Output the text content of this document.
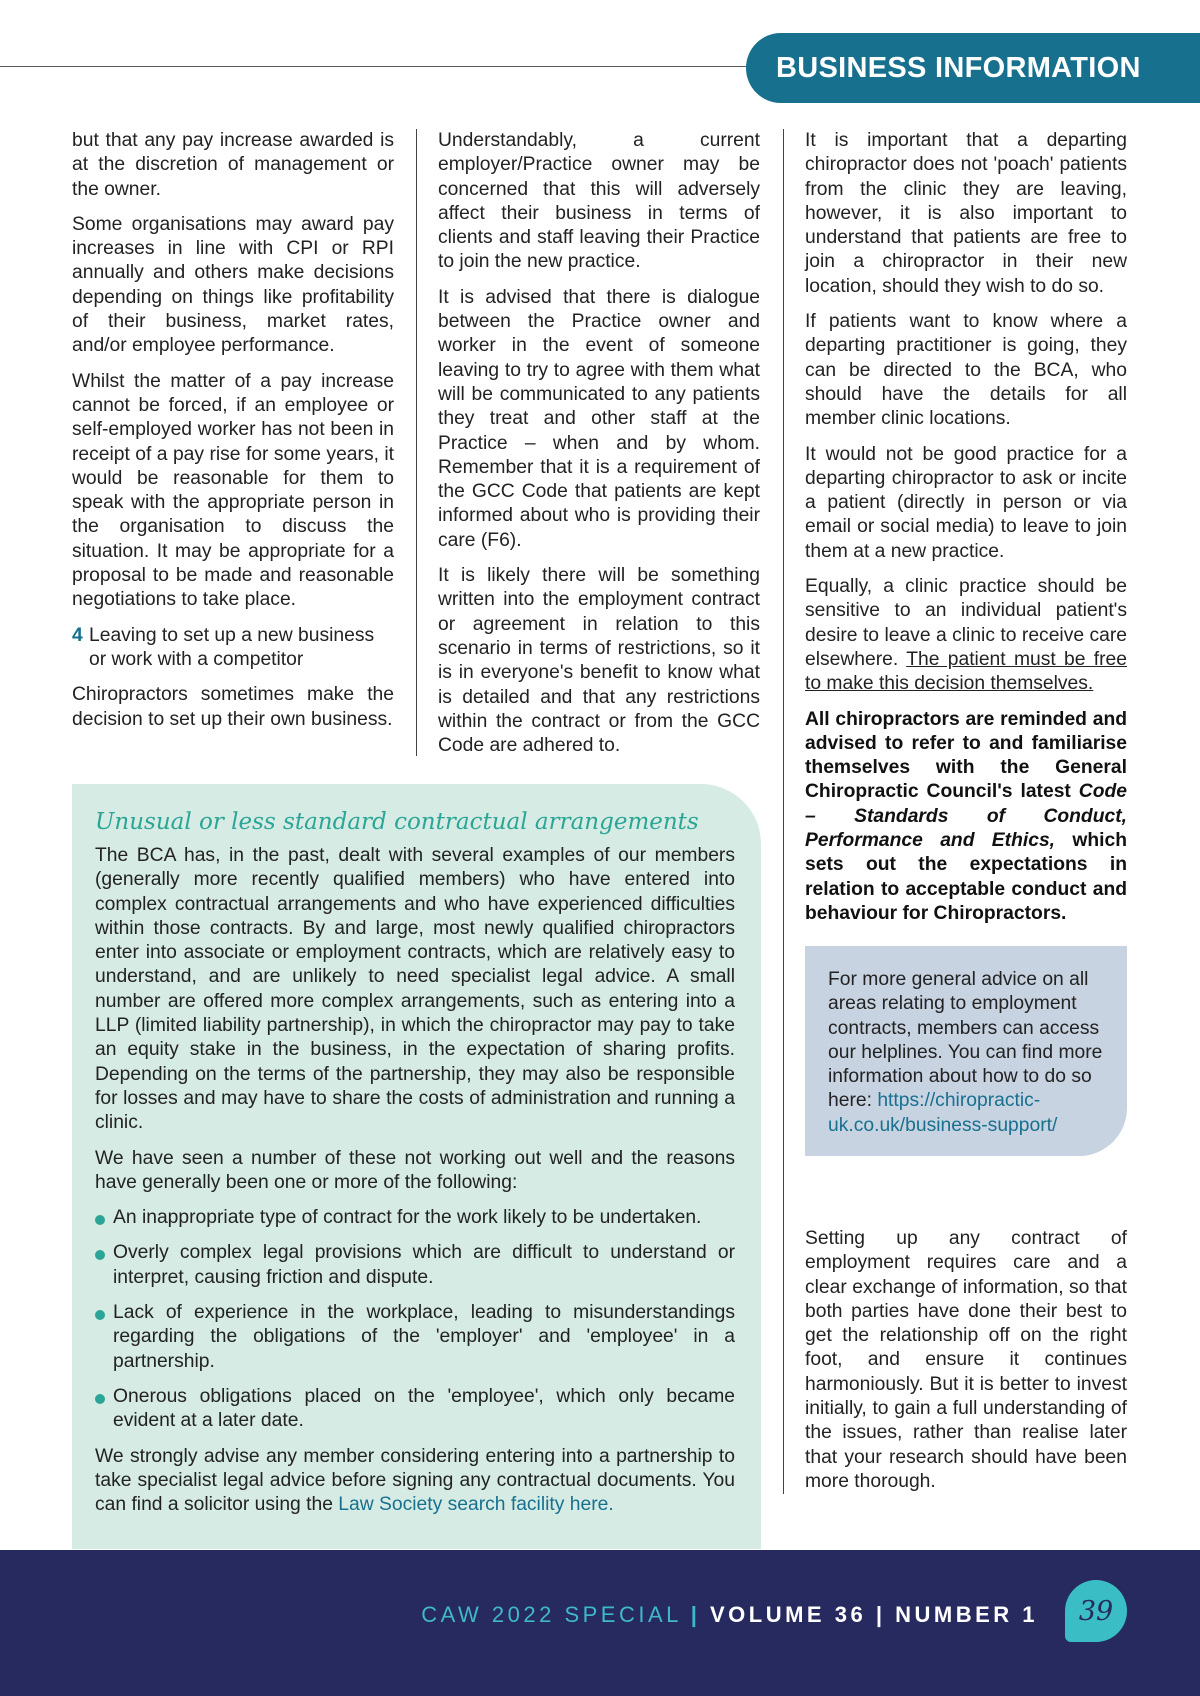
BUSINESS INFORMATION

but that any pay increase awarded is at the discretion of management or the owner.

Some organisations may award pay increases in line with CPI or RPI annually and others make decisions depending on things like profitability of their business, market rates, and/or employee performance.

Whilst the matter of a pay increase cannot be forced, if an employee or self-employed worker has not been in receipt of a pay rise for some years, it would be reasonable for them to speak with the appropriate person in the organisation to discuss the situation. It may be appropriate for a proposal to be made and reasonable negotiations to take place.

4 Leaving to set up a new business or work with a competitor

Chiropractors sometimes make the decision to set up their own business.

Understandably, a current employer/Practice owner may be concerned that this will adversely affect their business in terms of clients and staff leaving their Practice to join the new practice.

It is advised that there is dialogue between the Practice owner and worker in the event of someone leaving to try to agree with them what will be communicated to any patients they treat and other staff at the Practice – when and by whom. Remember that it is a requirement of the GCC Code that patients are kept informed about who is providing their care (F6).

It is likely there will be something written into the employment contract or agreement in relation to this scenario in terms of restrictions, so it is in everyone's benefit to know what is detailed and that any restrictions within the contract or from the GCC Code are adhered to.

It is important that a departing chiropractor does not 'poach' patients from the clinic they are leaving, however, it is also important to understand that patients are free to join a chiropractor in their new location, should they wish to do so.

If patients want to know where a departing practitioner is going, they can be directed to the BCA, who should have the details for all member clinic locations.

It would not be good practice for a departing chiropractor to ask or incite a patient (directly in person or via email or social media) to leave to join them at a new practice.

Equally, a clinic practice should be sensitive to an individual patient's desire to leave a clinic to receive care elsewhere. The patient must be free to make this decision themselves.

All chiropractors are reminded and advised to refer to and familiarise themselves with the General Chiropractic Council's latest Code – Standards of Conduct, Performance and Ethics, which sets out the expectations in relation to acceptable conduct and behaviour for Chiropractors.

For more general advice on all areas relating to employment contracts, members can access our helplines. You can find more information about how to do so here: https://chiropractic-uk.co.uk/business-support/

Setting up any contract of employment requires care and a clear exchange of information, so that both parties have done their best to get the relationship off on the right foot, and ensure it continues harmoniously. But it is better to invest initially, to gain a full understanding of the issues, rather than realise later that your research should have been more thorough.

Unusual or less standard contractual arrangements

The BCA has, in the past, dealt with several examples of our members (generally more recently qualified members) who have entered into complex contractual arrangements and who have experienced difficulties within those contracts. By and large, most newly qualified chiropractors enter into associate or employment contracts, which are relatively easy to understand, and are unlikely to need specialist legal advice. A small number are offered more complex arrangements, such as entering into a LLP (limited liability partnership), in which the chiropractor may pay to take an equity stake in the business, in the expectation of sharing profits. Depending on the terms of the partnership, they may also be responsible for losses and may have to share the costs of administration and running a clinic.

We have seen a number of these not working out well and the reasons have generally been one or more of the following:

An inappropriate type of contract for the work likely to be undertaken.
Overly complex legal provisions which are difficult to understand or interpret, causing friction and dispute.
Lack of experience in the workplace, leading to misunderstandings regarding the obligations of the 'employer' and 'employee' in a partnership.
Onerous obligations placed on the 'employee', which only became evident at a later date.

We strongly advise any member considering entering into a partnership to take specialist legal advice before signing any contractual documents. You can find a solicitor using the Law Society search facility here.

CAW 2022 SPECIAL | VOLUME 36 | NUMBER 1 39
